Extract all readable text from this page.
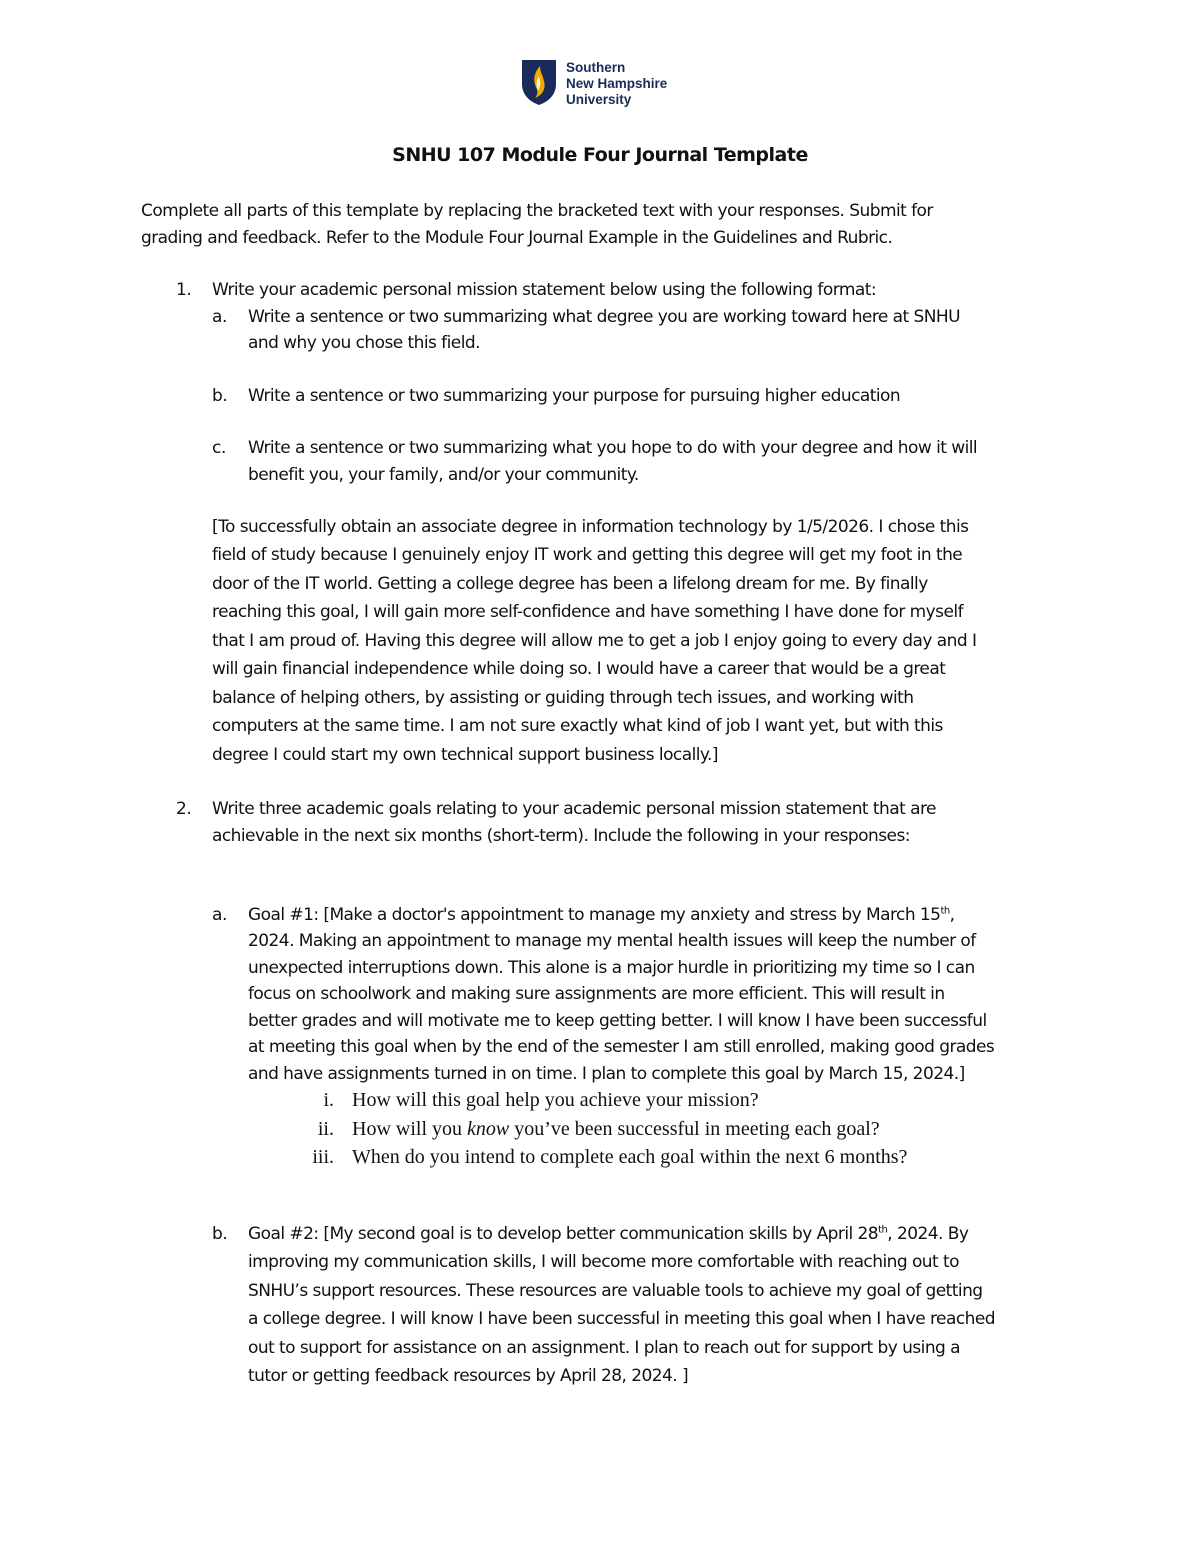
Southern
New Hampshire
University
SNHU 107 Module Four Journal Template
Complete all parts of this template by replacing the bracketed text with your responses. Submit for
grading and feedback. Refer to the Module Four Journal Example in the Guidelines and Rubric.
1. Write your academic personal mission statement below using the following format:
a. Write a sentence or two summarizing what degree you are working toward here at SNHU
and why you chose this field.
b. Write a sentence or two summarizing your purpose for pursuing higher education
c. Write a sentence or two summarizing what you hope to do with your degree and how it will
benefit you, your family, and/or your community.
[To successfully obtain an associate degree in information technology by 1/5/2026. I chose this
field of study because I genuinely enjoy IT work and getting this degree will get my foot in the
door of the IT world. Getting a college degree has been a lifelong dream for me. By finally
reaching this goal, I will gain more self-confidence and have something I have done for myself
that I am proud of. Having this degree will allow me to get a job I enjoy going to every day and I
will gain financial independence while doing so. I would have a career that would be a great
balance of helping others, by assisting or guiding through tech issues, and working with
computers at the same time. I am not sure exactly what kind of job I want yet, but with this
degree I could start my own technical support business locally.]
2. Write three academic goals relating to your academic personal mission statement that are
achievable in the next six months (short-term). Include the following in your responses:
a. Goal #1: [Make a doctor's appointment to manage my anxiety and stress by March 15th,
2024. Making an appointment to manage my mental health issues will keep the number of
unexpected interruptions down. This alone is a major hurdle in prioritizing my time so I can
focus on schoolwork and making sure assignments are more efficient. This will result in
better grades and will motivate me to keep getting better. I will know I have been successful
at meeting this goal when by the end of the semester I am still enrolled, making good grades
and have assignments turned in on time. I plan to complete this goal by March 15, 2024.]
i. How will this goal help you achieve your mission?
ii. How will you know you’ve been successful in meeting each goal?
iii. When do you intend to complete each goal within the next 6 months?
b. Goal #2: [My second goal is to develop better communication skills by April 28th, 2024. By
improving my communication skills, I will become more comfortable with reaching out to
SNHU’s support resources. These resources are valuable tools to achieve my goal of getting
a college degree. I will know I have been successful in meeting this goal when I have reached
out to support for assistance on an assignment. I plan to reach out for support by using a
tutor or getting feedback resources by April 28, 2024. ]
